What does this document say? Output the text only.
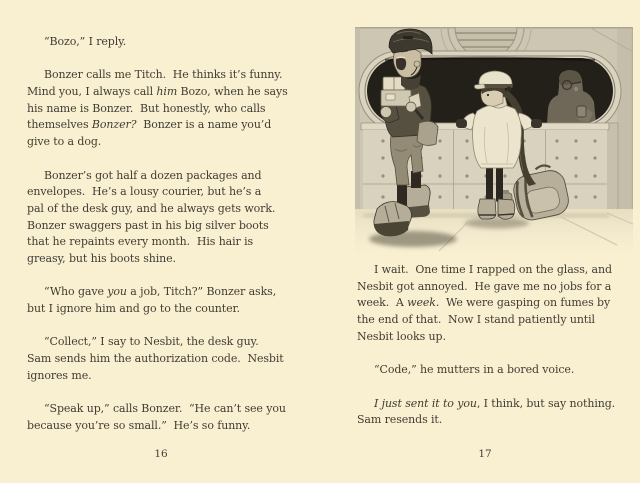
“Bozo,” I reply.
Bonzer calls me Titch.  He thinks it’s funny.
Mind you, I always call him Bozo, when he says
his name is Bonzer.  But honestly, who calls
themselves Bonzer?  Bonzer is a name you’d
give to a dog.
Bonzer’s got half a dozen packages and
envelopes.  He’s a lousy courier, but he’s a
pal of the desk guy, and he always gets work.
Bonzer swaggers past in his big silver boots
that he repaints every month.  His hair is
greasy, but his boots shine.
“Who gave you a job, Titch?” Bonzer asks,
but I ignore him and go to the counter.
“Collect,” I say to Nesbit, the desk guy.
Sam sends him the authorization code.  Nesbit
ignores me.
“Speak up,” calls Bonzer.  “He can’t see you
because you’re so small.”  He’s so funny.
16
I wait.  One time I rapped on the glass, and
Nesbit got annoyed.  He gave me no jobs for a
week.  A week.  We were gasping on fumes by
the end of that.  Now I stand patiently until
Nesbit looks up.
“Code,” he mutters in a bored voice.
I just sent it to you, I think, but say nothing.
Sam resends it.
17
